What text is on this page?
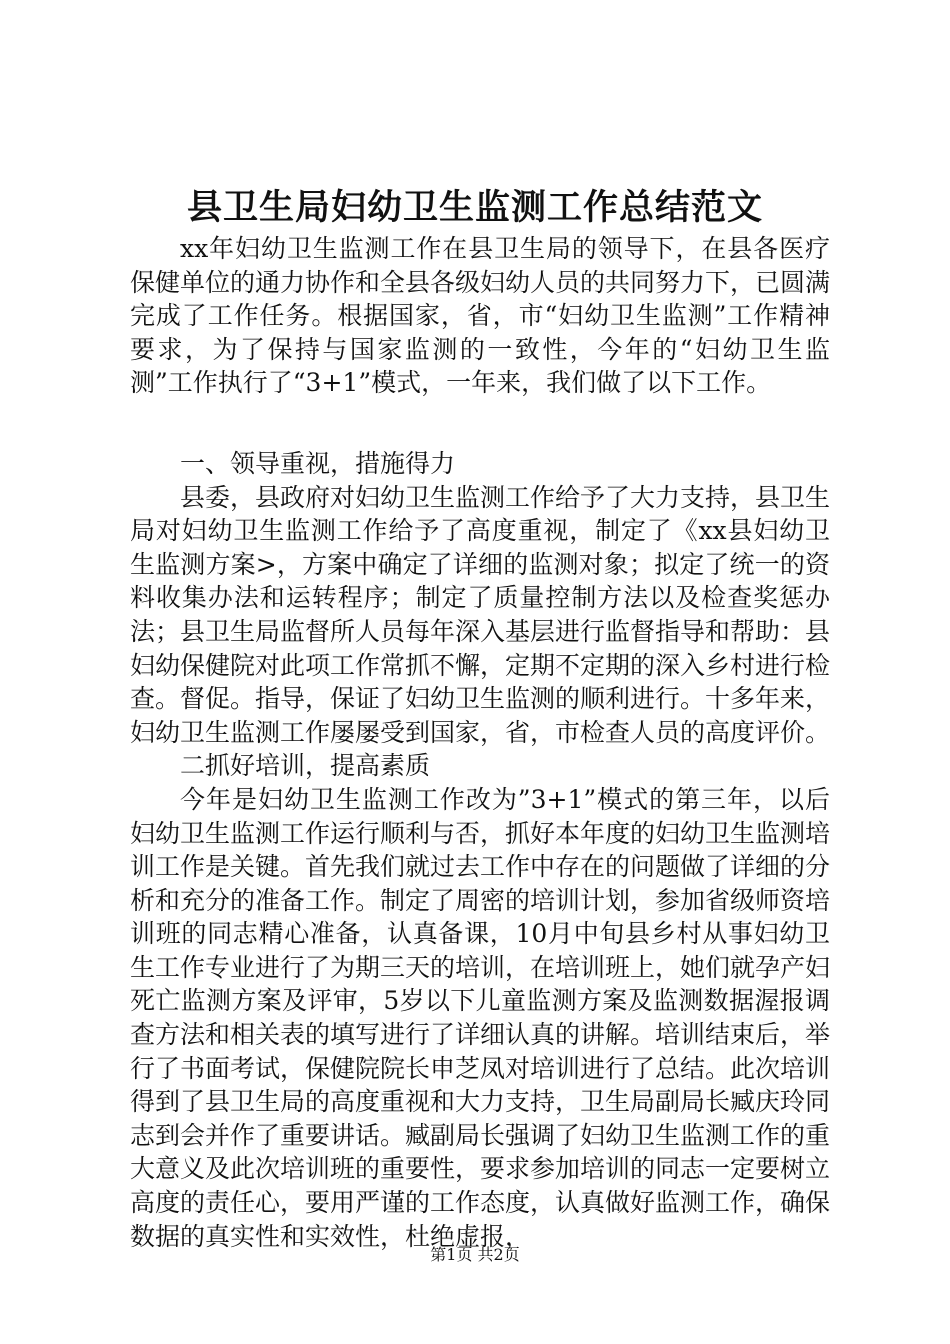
县卫生局妇幼卫生监测工作总结范文

xx年妇幼卫生监测工作在县卫生局的领导下，在县各医疗保健单位的通力协作和全县各级妇幼人员的共同努力下，已圆满完成了工作任务。根据国家，省，市“妇幼卫生监测”工作精神要求，为了保持与国家监测的一致性，今年的“妇幼卫生监测”工作执行了“3+1”模式，一年来，我们做了以下工作。

一、领导重视，措施得力

县委，县政府对妇幼卫生监测工作给予了大力支持，县卫生局对妇幼卫生监测工作给予了高度重视，制定了《xx县妇幼卫生监测方案>，方案中确定了详细的监测对象；拟定了统一的资料收集办法和运转程序；制定了质量控制方法以及检查奖惩办法；县卫生局监督所人员每年深入基层进行监督指导和帮助：县妇幼保健院对此项工作常抓不懈，定期不定期的深入乡村进行检查。督促。指导，保证了妇幼卫生监测的顺利进行。十多年来，妇幼卫生监测工作屡屡受到国家，省，市检查人员的高度评价。

二抓好培训，提高素质

今年是妇幼卫生监测工作改为”3+1”模式的第三年，以后妇幼卫生监测工作运行顺利与否，抓好本年度的妇幼卫生监测培训工作是关键。首先我们就过去工作中存在的问题做了详细的分析和充分的准备工作。制定了周密的培训计划，参加省级师资培训班的同志精心准备，认真备课，10月中旬县乡村从事妇幼卫生工作专业进行了为期三天的培训，在培训班上，她们就孕产妇死亡监测方案及评审，5岁以下儿童监测方案及监测数据渥报调查方法和相关表的填写进行了详细认真的讲解。培训结束后，举行了书面考试，保健院院长申芝凤对培训进行了总结。此次培训得到了县卫生局的高度重视和大力支持，卫生局副局长臧庆玲同志到会并作了重要讲话。臧副局长强调了妇幼卫生监测工作的重大意义及此次培训班的重要性，要求参加培训的同志一定要树立高度的责任心，要用严谨的工作态度，认真做好监测工作，确保数据的真实性和实效性，杜绝虚报，

第1页 共2页
